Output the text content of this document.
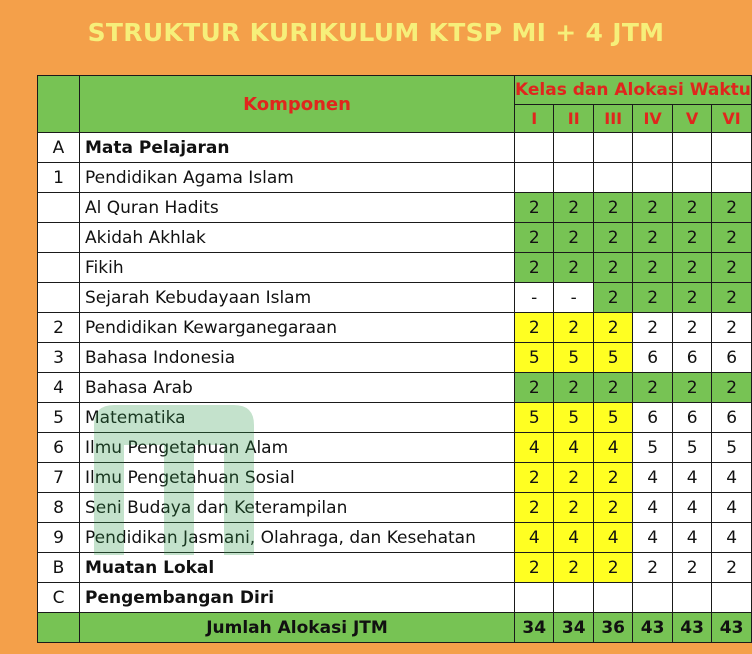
STRUKTUR KURIKULUM KTSP MI + 4 JTM
	Komponen	Kelas dan Alokasi Waktu					
		I	II	III	IV	V	VI
A	Mata Pelajaran						
1	Pendidikan Agama Islam						
	Al Quran Hadits	2	2	2	2	2	2
	Akidah Akhlak	2	2	2	2	2	2
	Fikih	2	2	2	2	2	2
	Sejarah Kebudayaan Islam	-	-	2	2	2	2
2	Pendidikan Kewarganegaraan	2	2	2	2	2	2
3	Bahasa Indonesia	5	5	5	6	6	6
4	Bahasa Arab	2	2	2	2	2	2
5	Matematika	5	5	5	6	6	6
6	Ilmu Pengetahuan Alam	4	4	4	5	5	5
7	Ilmu Pengetahuan Sosial	2	2	2	4	4	4
8	Seni Budaya dan Keterampilan	2	2	2	4	4	4
9	Pendidikan Jasmani, Olahraga, dan Kesehatan	4	4	4	4	4	4
B	Muatan Lokal	2	2	2	2	2	2
C	Pengembangan Diri						
	Jumlah Alokasi JTM	34	34	36	43	43	43
